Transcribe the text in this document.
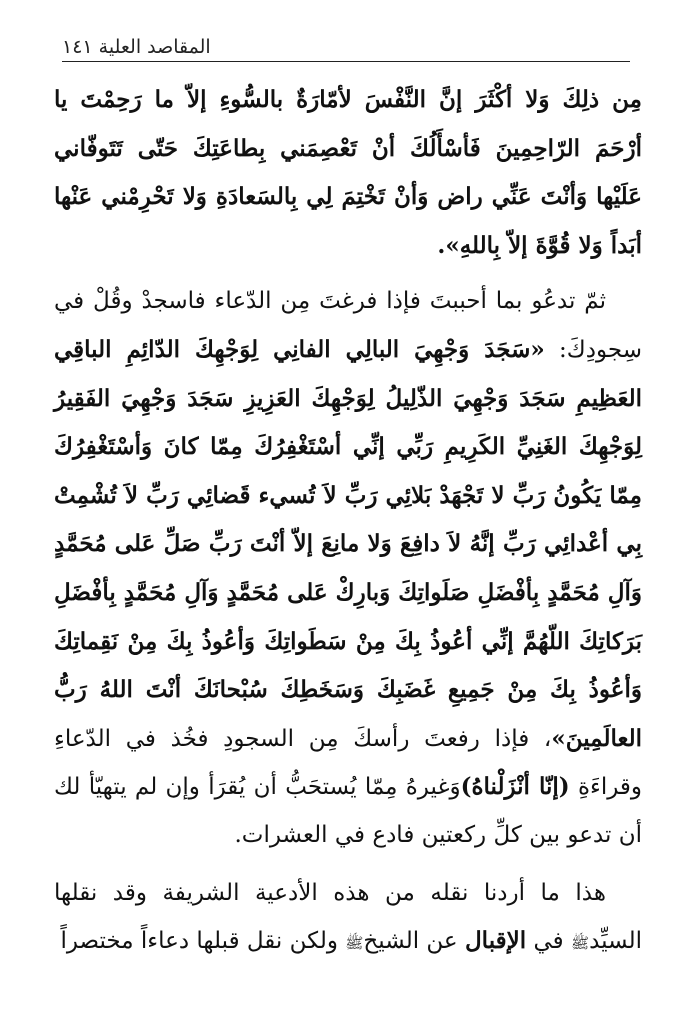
المقاصد العلية ١٤١

مِن ذلِكَ وَلا أكْثَرَ إنَّ النَّفْسَ لأمّارَةٌ بالسُّوءِ إلاّ ما رَحِمْتَ يا أرْحَمَ الرّاحِمِينَ فَأسْأَلُكَ أنْ تَعْصِمَني بِطاعَتِكَ حَتّى تَتَوفّاني عَلَيْها وَأنْتَ عَنِّي راض وَأنْ تَخْتِمَ لِي بِالسَعادَةِ وَلا تَحْرِمْني عَنْها أبَداً وَلا قُوَّةَ إلاّ بِاللهِ».

ثمّ تدعُو بما أحببتَ فإذا فرغتَ مِن الدّعاء فاسجدْ وقُلْ في سِجودِكَ: «سَجَدَ وَجْهِيَ البالِي الفانِي لِوَجْهِكَ الدّائِمِ الباقِي العَظِيمِ سَجَدَ وَجْهِيَ الذّلِيلُ لِوَجْهِكَ العَزِيزِ سَجَدَ وَجْهِيَ الفَقِيرُ لِوَجْهِكَ الغَنِيِّ الكَرِيمِ رَبِّي إنِّي أسْتَغْفِرُكَ مِمّا كانَ وَأسْتَغْفِرُكَ مِمّا يَكُونُ رَبِّ لا تَجْهَدْ بَلائِي رَبِّ لاَ تُسيء قَضائِي رَبِّ لاَ تُشْمِتْ بِي أعْدائِي رَبِّ إنَّهُ لاَ دافِعَ وَلا مانِعَ إلاّ أنْتَ رَبِّ صَلِّ عَلى مُحَمَّدٍ وَآلِ مُحَمَّدٍ بِأفْضَلِ صَلَواتِكَ وَبارِكْ عَلى مُحَمَّدٍ وَآلِ مُحَمَّدٍ بِأفْضَلِ بَرَكاتِكَ اللّهُمَّ إنِّي أعُوذُ بِكَ مِنْ سَطَواتِكَ وَأعُوذُ بِكَ مِنْ نَقِماتِكَ وَأعُوذُ بِكَ مِنْ جَمِيعِ غَضَبِكَ وَسَخَطِكَ سُبْحانَكَ أنْتَ اللهُ رَبُّ العالَمِينَ»، فإذا رفعتَ رأسكَ مِن السجودِ فخُذ في الدّعاءِ وقراءَةِ (إنّا أنْزَلْناهُ)وَغيرهُ مِمّا يُستحَبُّ أن يُقرَأ وإن لم يتهيّأ لك أن تدعو بين كلِّ ركعتين فادع في العشرات.

هذا ما أردنا نقله من هذه الأدعية الشريفة وقد نقلها السيِّدﷺ في الإقبال عن الشيخﷺ ولكن نقل قبلها دعاءاً مختصراً
